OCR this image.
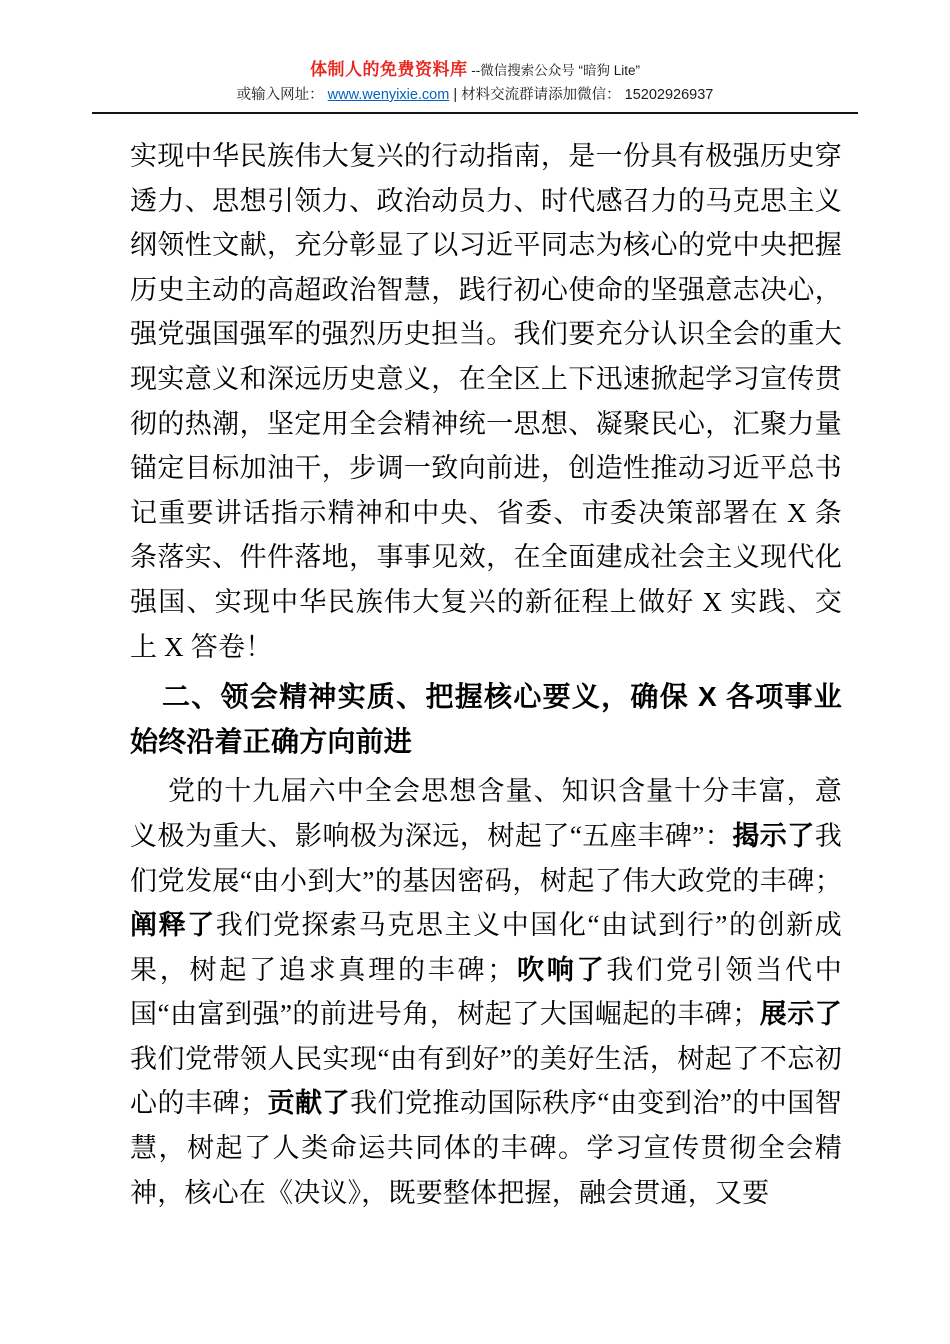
体制人的免费资料库 --微信搜索公众号 “暗狗 Lite”
或输入网址： www.wenyixie.com | 材料交流群请添加微信： 15202926937

实现中华民族伟大复兴的行动指南，是一份具有极强历史穿透力、思想引领力、政治动员力、时代感召力的马克思主义纲领性文献，充分彰显了以习近平同志为核心的党中央把握历史主动的高超政治智慧，践行初心使命的坚强意志决心，强党强国强军的强烈历史担当。我们要充分认识全会的重大现实意义和深远历史意义，在全区上下迅速掀起学习宣传贯彻的热潮，坚定用全会精神统一思想、凝聚民心，汇聚力量锚定目标加油干，步调一致向前进，创造性推动习近平总书记重要讲话指示精神和中央、省委、市委决策部署在 X 条条落实、件件落地，事事见效，在全面建成社会主义现代化强国、实现中华民族伟大复兴的新征程上做好 X 实践、交上 X 答卷！

二、领会精神实质、把握核心要义，确保 X 各项事业始终沿着正确方向前进

党的十九届六中全会思想含量、知识含量十分丰富，意义极为重大、影响极为深远，树起了“五座丰碑”：揭示了我们党发展“由小到大”的基因密码，树起了伟大政党的丰碑；阐释了我们党探索马克思主义中国化“由试到行”的创新成果，树起了追求真理的丰碑；吹响了我们党引领当代中国“由富到强”的前进号角，树起了大国崛起的丰碑；展示了我们党带领人民实现“由有到好”的美好生活，树起了不忘初心的丰碑；贡献了我们党推动国际秩序“由变到治”的中国智慧，树起了人类命运共同体的丰碑。学习宣传贯彻全会精神，核心在《决议》，既要整体把握，融会贯通，又要
